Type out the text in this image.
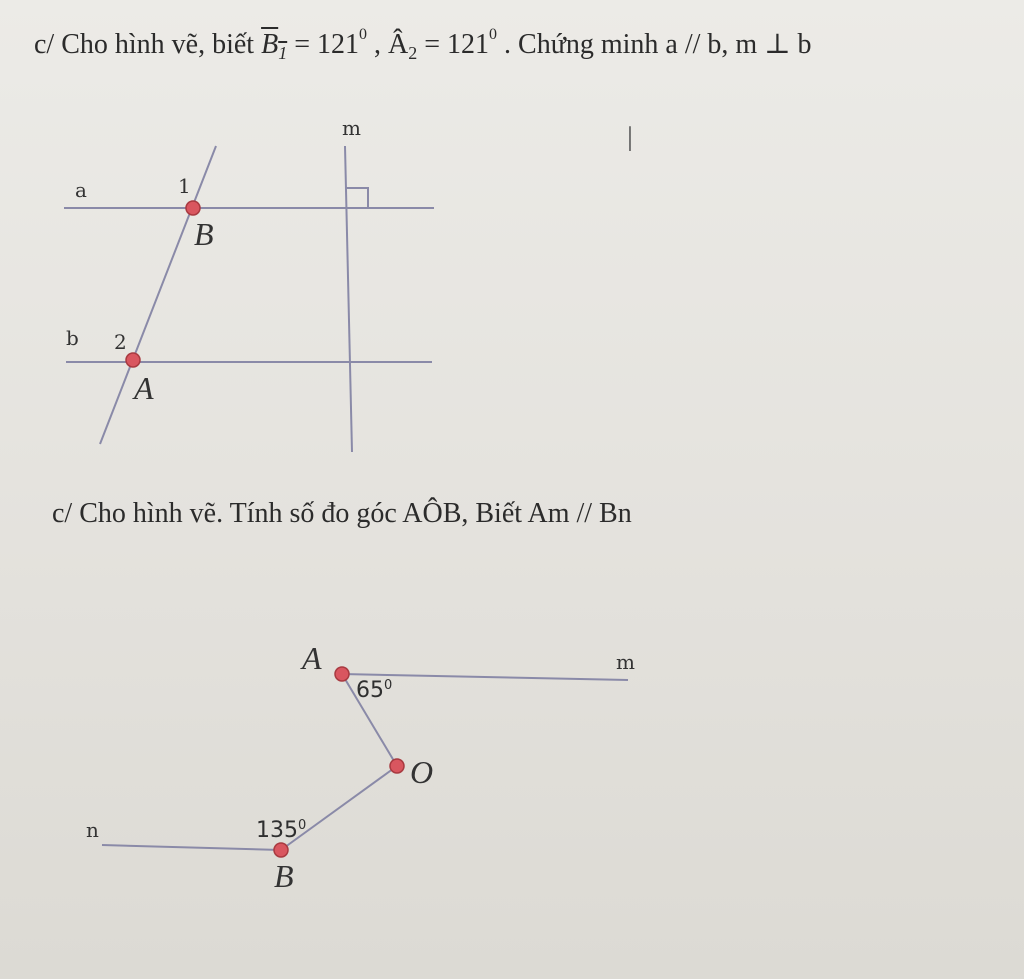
c/ Cho hình vẽ, biết $B_1 = 121^0$ , $Â_2 = 121^0$ . Chứng minh a // b, m ⊥ b
a	1
m
B
b 2
A
I
c/ Cho hình vẽ. Tính số đo góc AÔB, Biết Am // Bn
A	m
$65^0$
O
n	$135^0$
B
